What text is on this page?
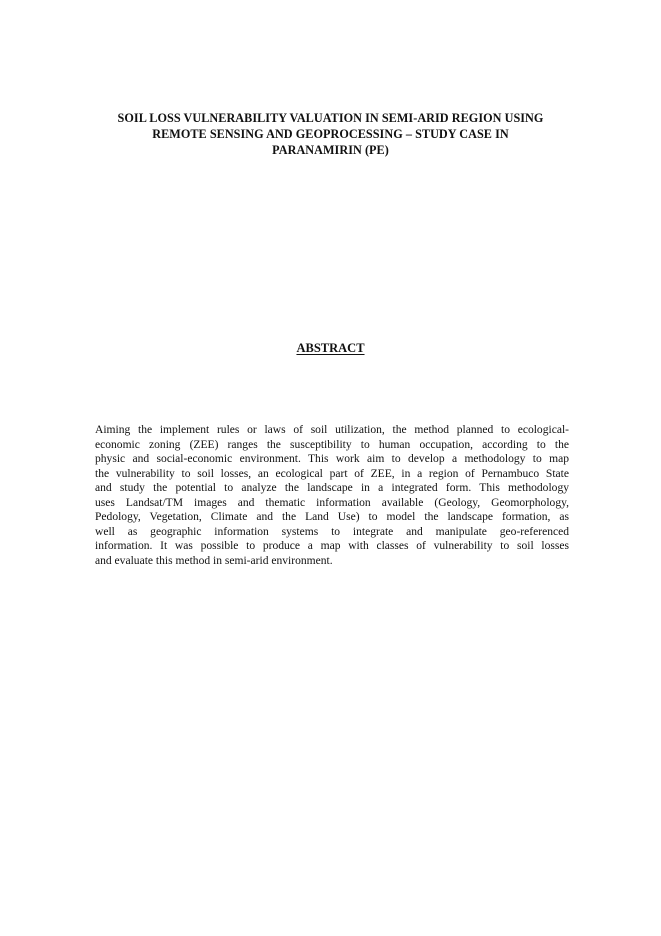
SOIL LOSS VULNERABILITY VALUATION IN SEMI-ARID REGION USING
REMOTE SENSING AND GEOPROCESSING – STUDY CASE IN
PARANAMIRIN (PE)
ABSTRACT
Aiming the implement rules or laws of soil utilization, the method planned to ecological-
economic zoning (ZEE) ranges the susceptibility to human occupation, according to the
physic and social-economic environment. This work aim to develop a methodology to map
the vulnerability to soil losses, an ecological part of ZEE, in a region of Pernambuco State
and study the potential to analyze the landscape in a integrated form. This methodology
uses Landsat/TM images and thematic information available (Geology, Geomorphology,
Pedology, Vegetation, Climate and the Land Use) to model the landscape formation, as
well as geographic information systems to integrate and manipulate geo-referenced
information. It was possible to produce a map with classes of vulnerability to soil losses
and evaluate this method in semi-arid environment.
